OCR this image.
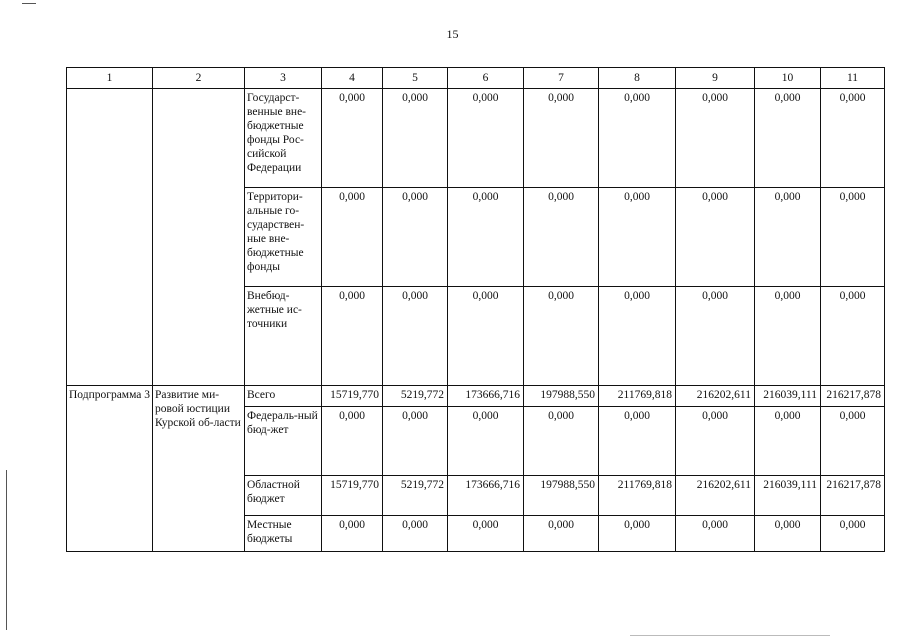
15
1	2	3	4	5	6	7	8	9	10	11
		Государст-венные вне-бюджетные фонды Рос-сийской Федерации	0,000	0,000	0,000	0,000	0,000	0,000	0,000	0,000
		Территори-альные го-сударствен-ные вне-бюджетные фонды	0,000	0,000	0,000	0,000	0,000	0,000	0,000	0,000
		Внебюд-жетные ис-точники	0,000	0,000	0,000	0,000	0,000	0,000	0,000	0,000
Подпрограмма 3	Развитие ми-ровой юстиции Курской об-ласти	Всего	15719,770	5219,772	173666,716	197988,550	211769,818	216202,611	216039,111	216217,878
		Федераль-ный бюд-жет	0,000	0,000	0,000	0,000	0,000	0,000	0,000	0,000
		Областной бюджет	15719,770	5219,772	173666,716	197988,550	211769,818	216202,611	216039,111	216217,878
		Местные бюджеты	0,000	0,000	0,000	0,000	0,000	0,000	0,000	0,000
